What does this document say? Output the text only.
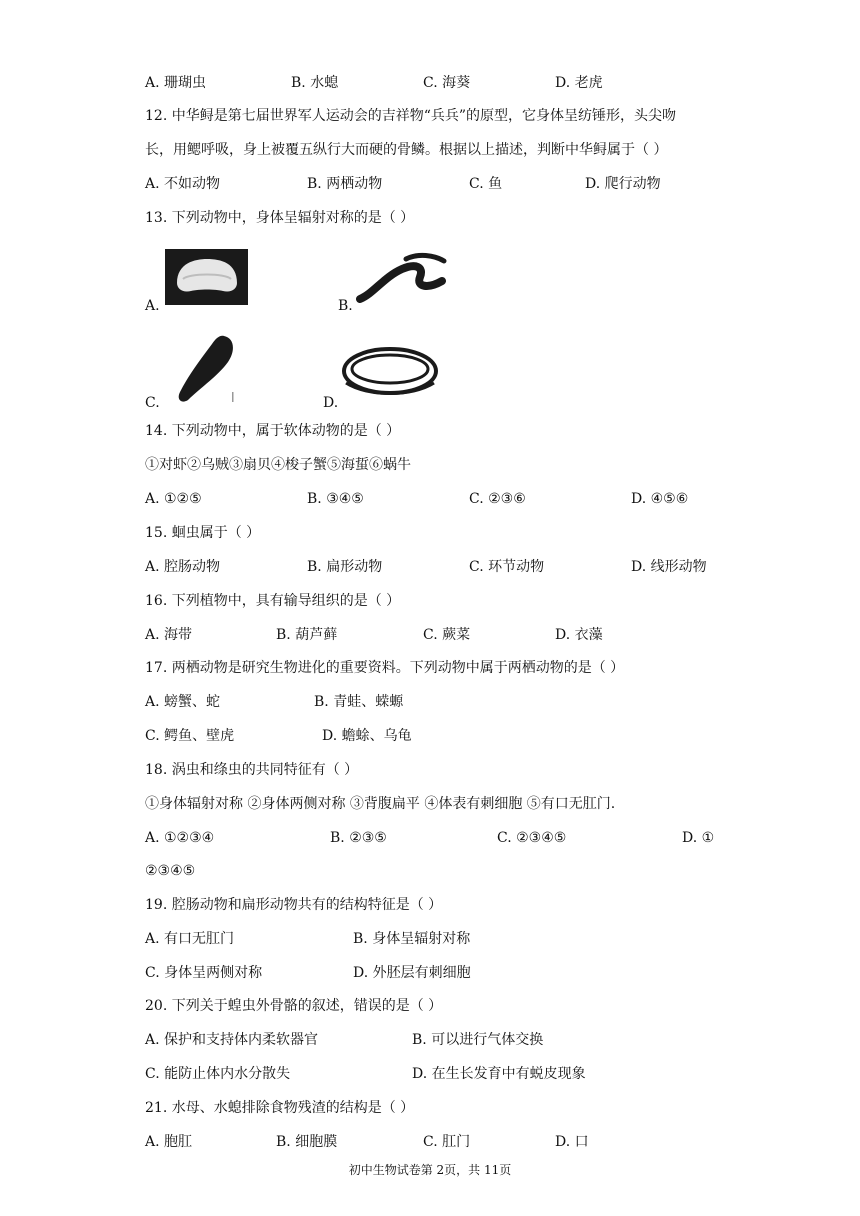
A. 珊瑚虫	B. 水螅	C. 海葵	D. 老虎
12. 中华鲟是第七届世界军人运动会的吉祥物“兵兵”的原型，它身体呈纺锤形，头尖吻
长，用鳃呼吸，身上被覆五纵行大而硬的骨鳞。根据以上描述，判断中华鲟属于（ ）
A. 不如动物	B. 两栖动物	C. 鱼	D. 爬行动物
13. 下列动物中，身体呈辐射对称的是（ ）
A.	B.
C.	D.
14. 下列动物中，属于软体动物的是（ ）
①对虾②乌贼③扇贝④梭子蟹⑤海蜇⑥蜗牛
A. ①②⑤	B. ③④⑤	C. ②③⑥	D. ④⑤⑥
15. 蛔虫属于（ ）
A. 腔肠动物	B. 扁形动物	C. 环节动物	D. 线形动物
16. 下列植物中，具有输导组织的是（ ）
A. 海带	B. 葫芦藓	C. 蕨菜	D. 衣藻
17. 两栖动物是研究生物进化的重要资料。下列动物中属于两栖动物的是（ ）
A. 螃蟹、蛇	B. 青蛙、蝾螈
C. 鳄鱼、壁虎	D. 蟾蜍、乌龟
18. 涡虫和绦虫的共同特征有（ ）
①身体辐射对称 ②身体两侧对称 ③背腹扁平 ④体表有刺细胞 ⑤有口无肛门.
A. ①②③④	B. ②③⑤	C. ②③④⑤	D. ①
②③④⑤
19. 腔肠动物和扁形动物共有的结构特征是（ ）
A. 有口无肛门	B. 身体呈辐射对称
C. 身体呈两侧对称	D. 外胚层有刺细胞
20. 下列关于蝗虫外骨骼的叙述，错误的是（ ）
A. 保护和支持体内柔软器官	B. 可以进行气体交换
C. 能防止体内水分散失	D. 在生长发育中有蜕皮现象
21. 水母、水螅排除食物残渣的结构是（ ）
A. 胞肛	B. 细胞膜	C. 肛门	D. 口
初中生物试卷第 2页，共 11页
